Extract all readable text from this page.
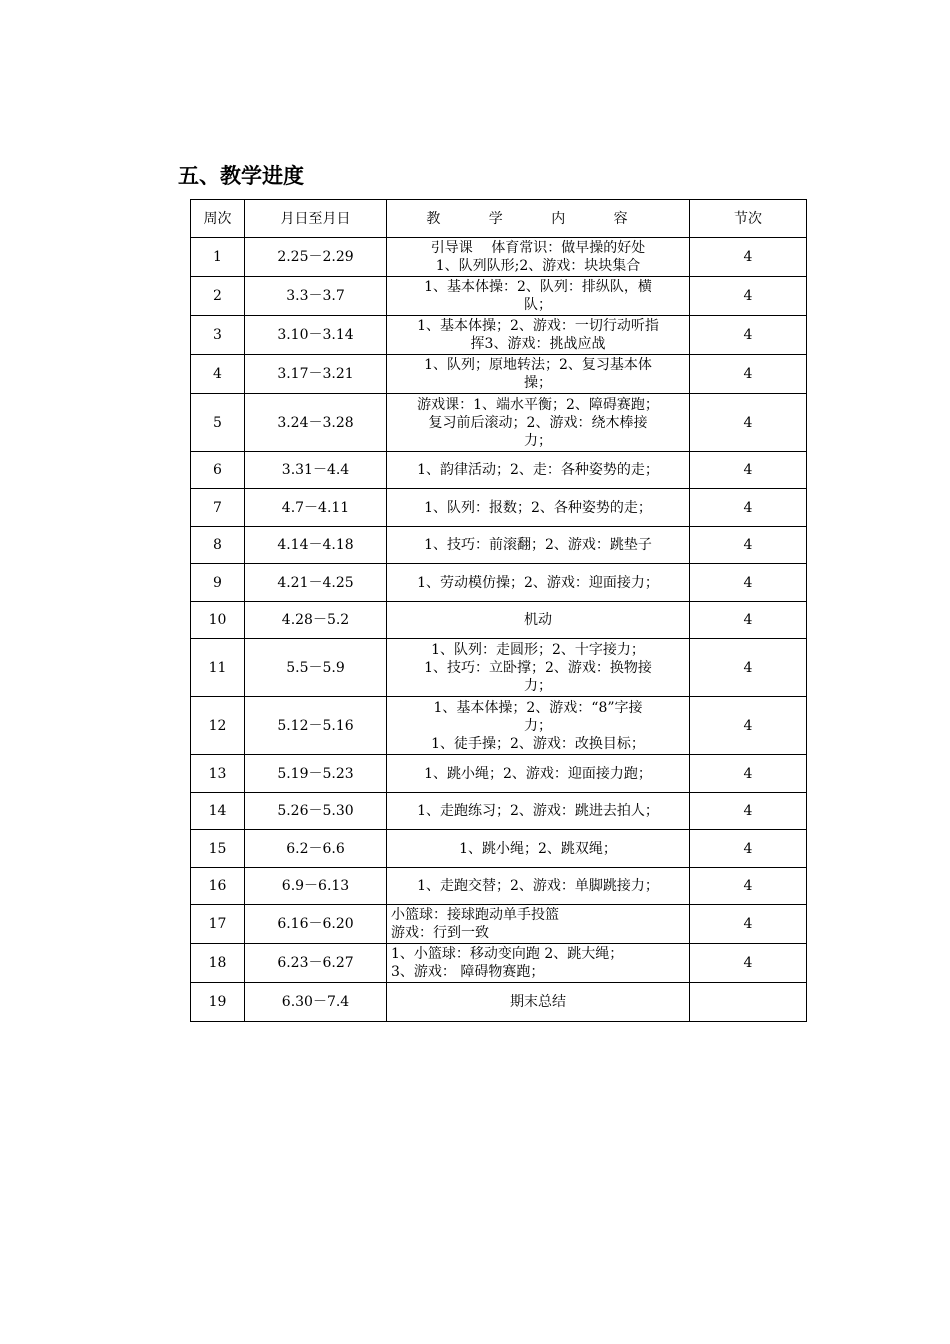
五、教学进度
周次	月日至月日	教 学 内 容	节次
1	2.25－2.29	引导课　 体育常识：做早操的好处
1、队列队形;2、游戏：块块集合	4
2	3.3－3.7	1、基本体操：2、队列：排纵队，横
队；	4
3	3.10－3.14	1、基本体操；2、游戏：一切行动听指
挥3、游戏：挑战应战	4
4	3.17－3.21	1、队列；原地转法；2、复习基本体
操；	4
5	3.24－3.28	游戏课：1、端水平衡；2、障碍赛跑；
复习前后滚动；2、游戏：绕木棒接
力；	4
6	3.31－4.4	1、韵律活动；2、走：各种姿势的走；	4
7	4.7－4.11	1、队列：报数；2、各种姿势的走；	4
8	4.14－4.18	1、技巧：前滚翻；2、游戏：跳垫子	4
9	4.21－4.25	1、劳动模仿操；2、游戏：迎面接力；	4
10	4.28－5.2	机动	4
11	5.5－5.9	1、队列：走圆形；2、十字接力；
1、技巧：立卧撑；2、游戏：换物接
力；	4
12	5.12－5.16	1、基本体操；2、游戏：“8”字接
力；
1、徒手操；2、游戏：改换目标；	4
13	5.19－5.23	1、跳小绳；2、游戏：迎面接力跑；	4
14	5.26－5.30	1、走跑练习；2、游戏：跳进去拍人；	4
15	6.2－6.6	1、跳小绳；2、跳双绳；	4
16	6.9－6.13	1、走跑交替；2、游戏：单脚跳接力；	4
17	6.16－6.20	小篮球：接球跑动单手投篮
游戏：行到一致	4
18	6.23－6.27	1、小篮球：移动变向跑 2、跳大绳；
3、游戏： 障碍物赛跑；	4
19	6.30－7.4	期末总结	
